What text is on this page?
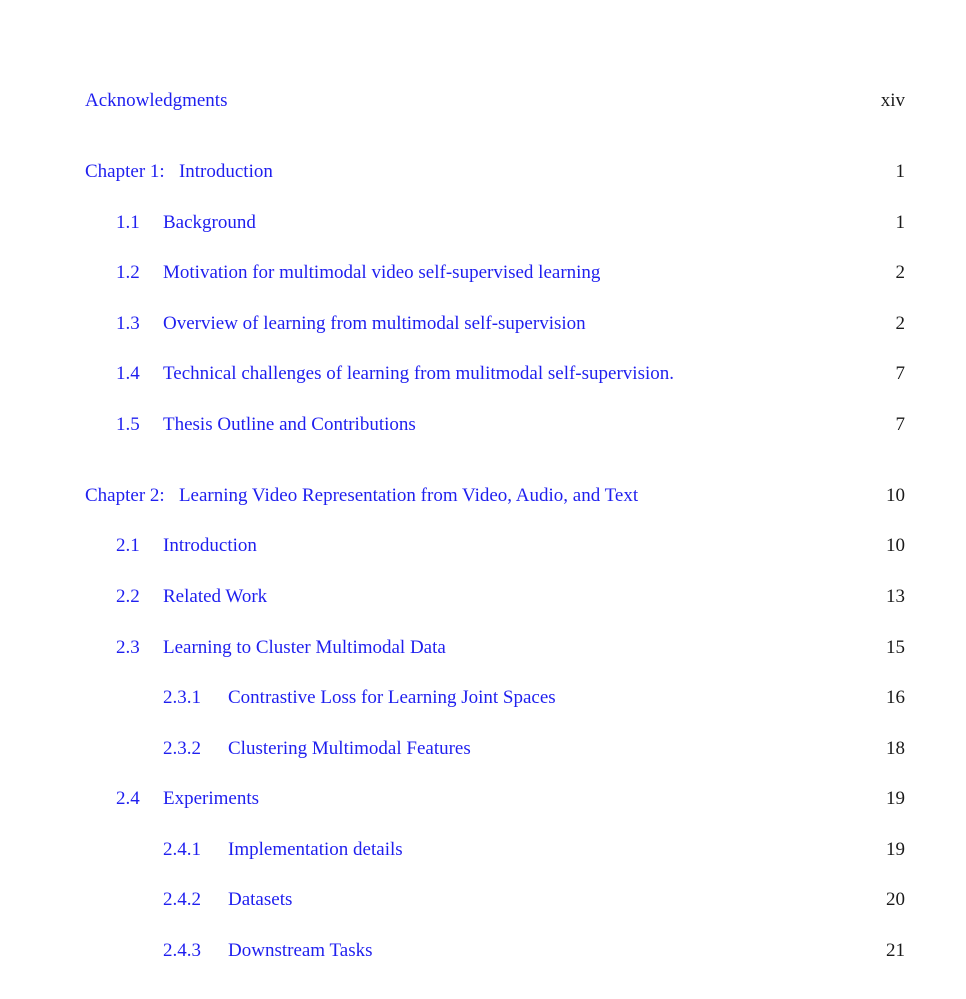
Acknowledgments	xiv
Chapter 1: Introduction	1
1.1 Background	1
1.2 Motivation for multimodal video self-supervised learning	2
1.3 Overview of learning from multimodal self-supervision	2
1.4 Technical challenges of learning from mulitmodal self-supervision.	7
1.5 Thesis Outline and Contributions	7
Chapter 2: Learning Video Representation from Video, Audio, and Text	10
2.1 Introduction	10
2.2 Related Work	13
2.3 Learning to Cluster Multimodal Data	15
2.3.1 Contrastive Loss for Learning Joint Spaces	16
2.3.2 Clustering Multimodal Features	18
2.4 Experiments	19
2.4.1 Implementation details	19
2.4.2 Datasets	20
2.4.3 Downstream Tasks	21
